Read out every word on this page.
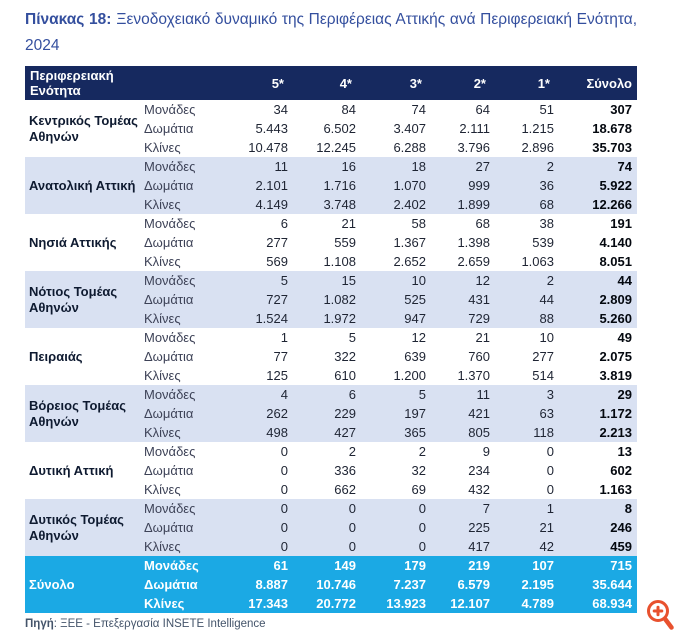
Πίνακας 18: Ξενοδοχειακό δυναμικό της Περιφέρειας Αττικής ανά Περιφερειακή Ενότητα, 2024
Περιφερειακή Ενότητα		5*	4*	3*	2*	1*	Σύνολο
Κεντρικός Τομέας Αθηνών	Μονάδες	34	84	74	64	51	307
	Δωμάτια	5.443	6.502	3.407	2.111	1.215	18.678
	Κλίνες	10.478	12.245	6.288	3.796	2.896	35.703
Ανατολική Αττική	Μονάδες	11	16	18	27	2	74
	Δωμάτια	2.101	1.716	1.070	999	36	5.922
	Κλίνες	4.149	3.748	2.402	1.899	68	12.266
Νησιά Αττικής	Μονάδες	6	21	58	68	38	191
	Δωμάτια	277	559	1.367	1.398	539	4.140
	Κλίνες	569	1.108	2.652	2.659	1.063	8.051
Νότιος Τομέας Αθηνών	Μονάδες	5	15	10	12	2	44
	Δωμάτια	727	1.082	525	431	44	2.809
	Κλίνες	1.524	1.972	947	729	88	5.260
Πειραιάς	Μονάδες	1	5	12	21	10	49
	Δωμάτια	77	322	639	760	277	2.075
	Κλίνες	125	610	1.200	1.370	514	3.819
Βόρειος Τομέας Αθηνών	Μονάδες	4	6	5	11	3	29
	Δωμάτια	262	229	197	421	63	1.172
	Κλίνες	498	427	365	805	118	2.213
Δυτική Αττική	Μονάδες	0	2	2	9	0	13
	Δωμάτια	0	336	32	234	0	602
	Κλίνες	0	662	69	432	0	1.163
Δυτικός Τομέας Αθηνών	Μονάδες	0	0	0	7	1	8
	Δωμάτια	0	0	0	225	21	246
	Κλίνες	0	0	0	417	42	459
Σύνολο	Μονάδες	61	149	179	219	107	715
	Δωμάτια	8.887	10.746	7.237	6.579	2.195	35.644
	Κλίνες	17.343	20.772	13.923	12.107	4.789	68.934
Πηγή: ΞΕΕ - Επεξεργασία INSETE Intelligence
